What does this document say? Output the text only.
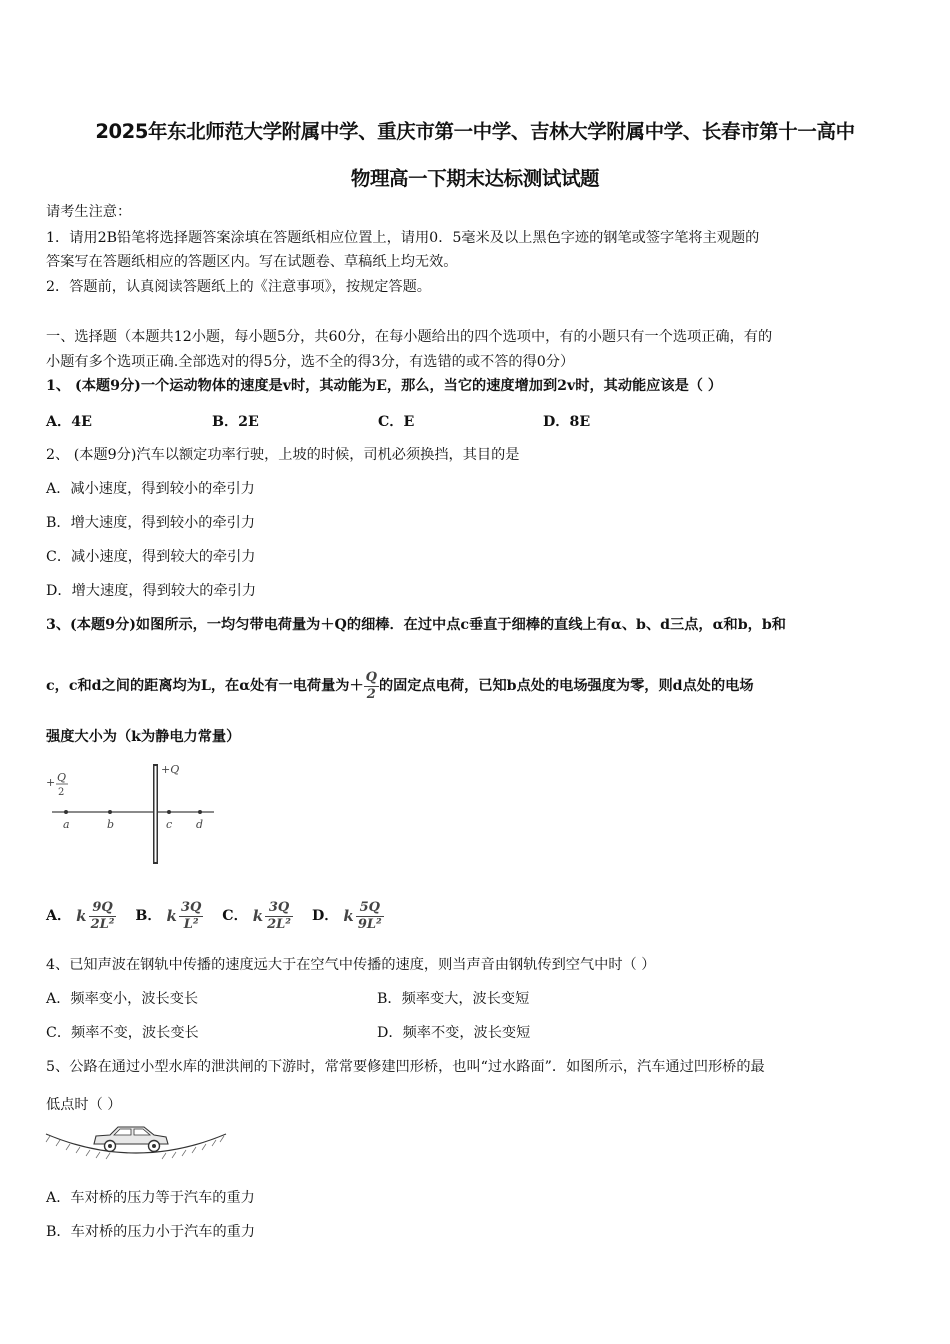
2025年东北师范大学附属中学、重庆市第一中学、吉林大学附属中学、长春市第十一高中
物理高一下期末达标测试试题
请考生注意：
1．请用2B铅笔将选择题答案涂填在答题纸相应位置上，请用0．5毫米及以上黑色字迹的钢笔或签字笔将主观题的
答案写在答题纸相应的答题区内。写在试题卷、草稿纸上均无效。
2．答题前，认真阅读答题纸上的《注意事项》，按规定答题。
一、选择题（本题共12小题，每小题5分，共60分，在每小题给出的四个选项中，有的小题只有一个选项正确，有的
小题有多个选项正确.全部选对的得5分，选不全的得3分，有选错的或不答的得0分）
1、 (本题9分)一个运动物体的速度是v时，其动能为E，那么，当它的速度增加到2v时，其动能应该是（ ）
A．4E	B．2E	C．E	D．8E
2、 (本题9分)汽车以额定功率行驶，上坡的时候，司机必须换挡，其目的是
A．减小速度，得到较小的牵引力
B．增大速度，得到较小的牵引力
C．减小速度，得到较大的牵引力
D．增大速度，得到较大的牵引力
3、(本题9分)如图所示，一均匀带电荷量为＋Q的细棒．在过中点c垂直于细棒的直线上有α、b、d三点，α和b，b和
c，c和d之间的距离均为L，在α处有一电荷量为＋ $\frac{Q}{2}$ 的固定点电荷，已知b点处的电场强度为零，则d点处的电场
强度大小为（k为静电力常量）
+ Q
2
+Q
a	b	c d
A． k $\frac{9Q}{\text{2L²}}$ B． k $\frac{3Q}{\text{L²}}$ C． k $\frac{3Q}{\text{2L²}}$ D． k $\frac{5Q}{\text{9L²}}$
4、已知声波在钢轨中传播的速度远大于在空气中传播的速度，则当声音由钢轨传到空气中时（ ）
A．频率变小，波长变长	B．频率变大，波长变短
C．频率不变，波长变长	D．频率不变，波长变短
5、公路在通过小型水库的泄洪闸的下游时，常常要修建凹形桥，也叫“过水路面”．如图所示，汽车通过凹形桥的最
低点时（ ）
A．车对桥的压力等于汽车的重力
B．车对桥的压力小于汽车的重力
